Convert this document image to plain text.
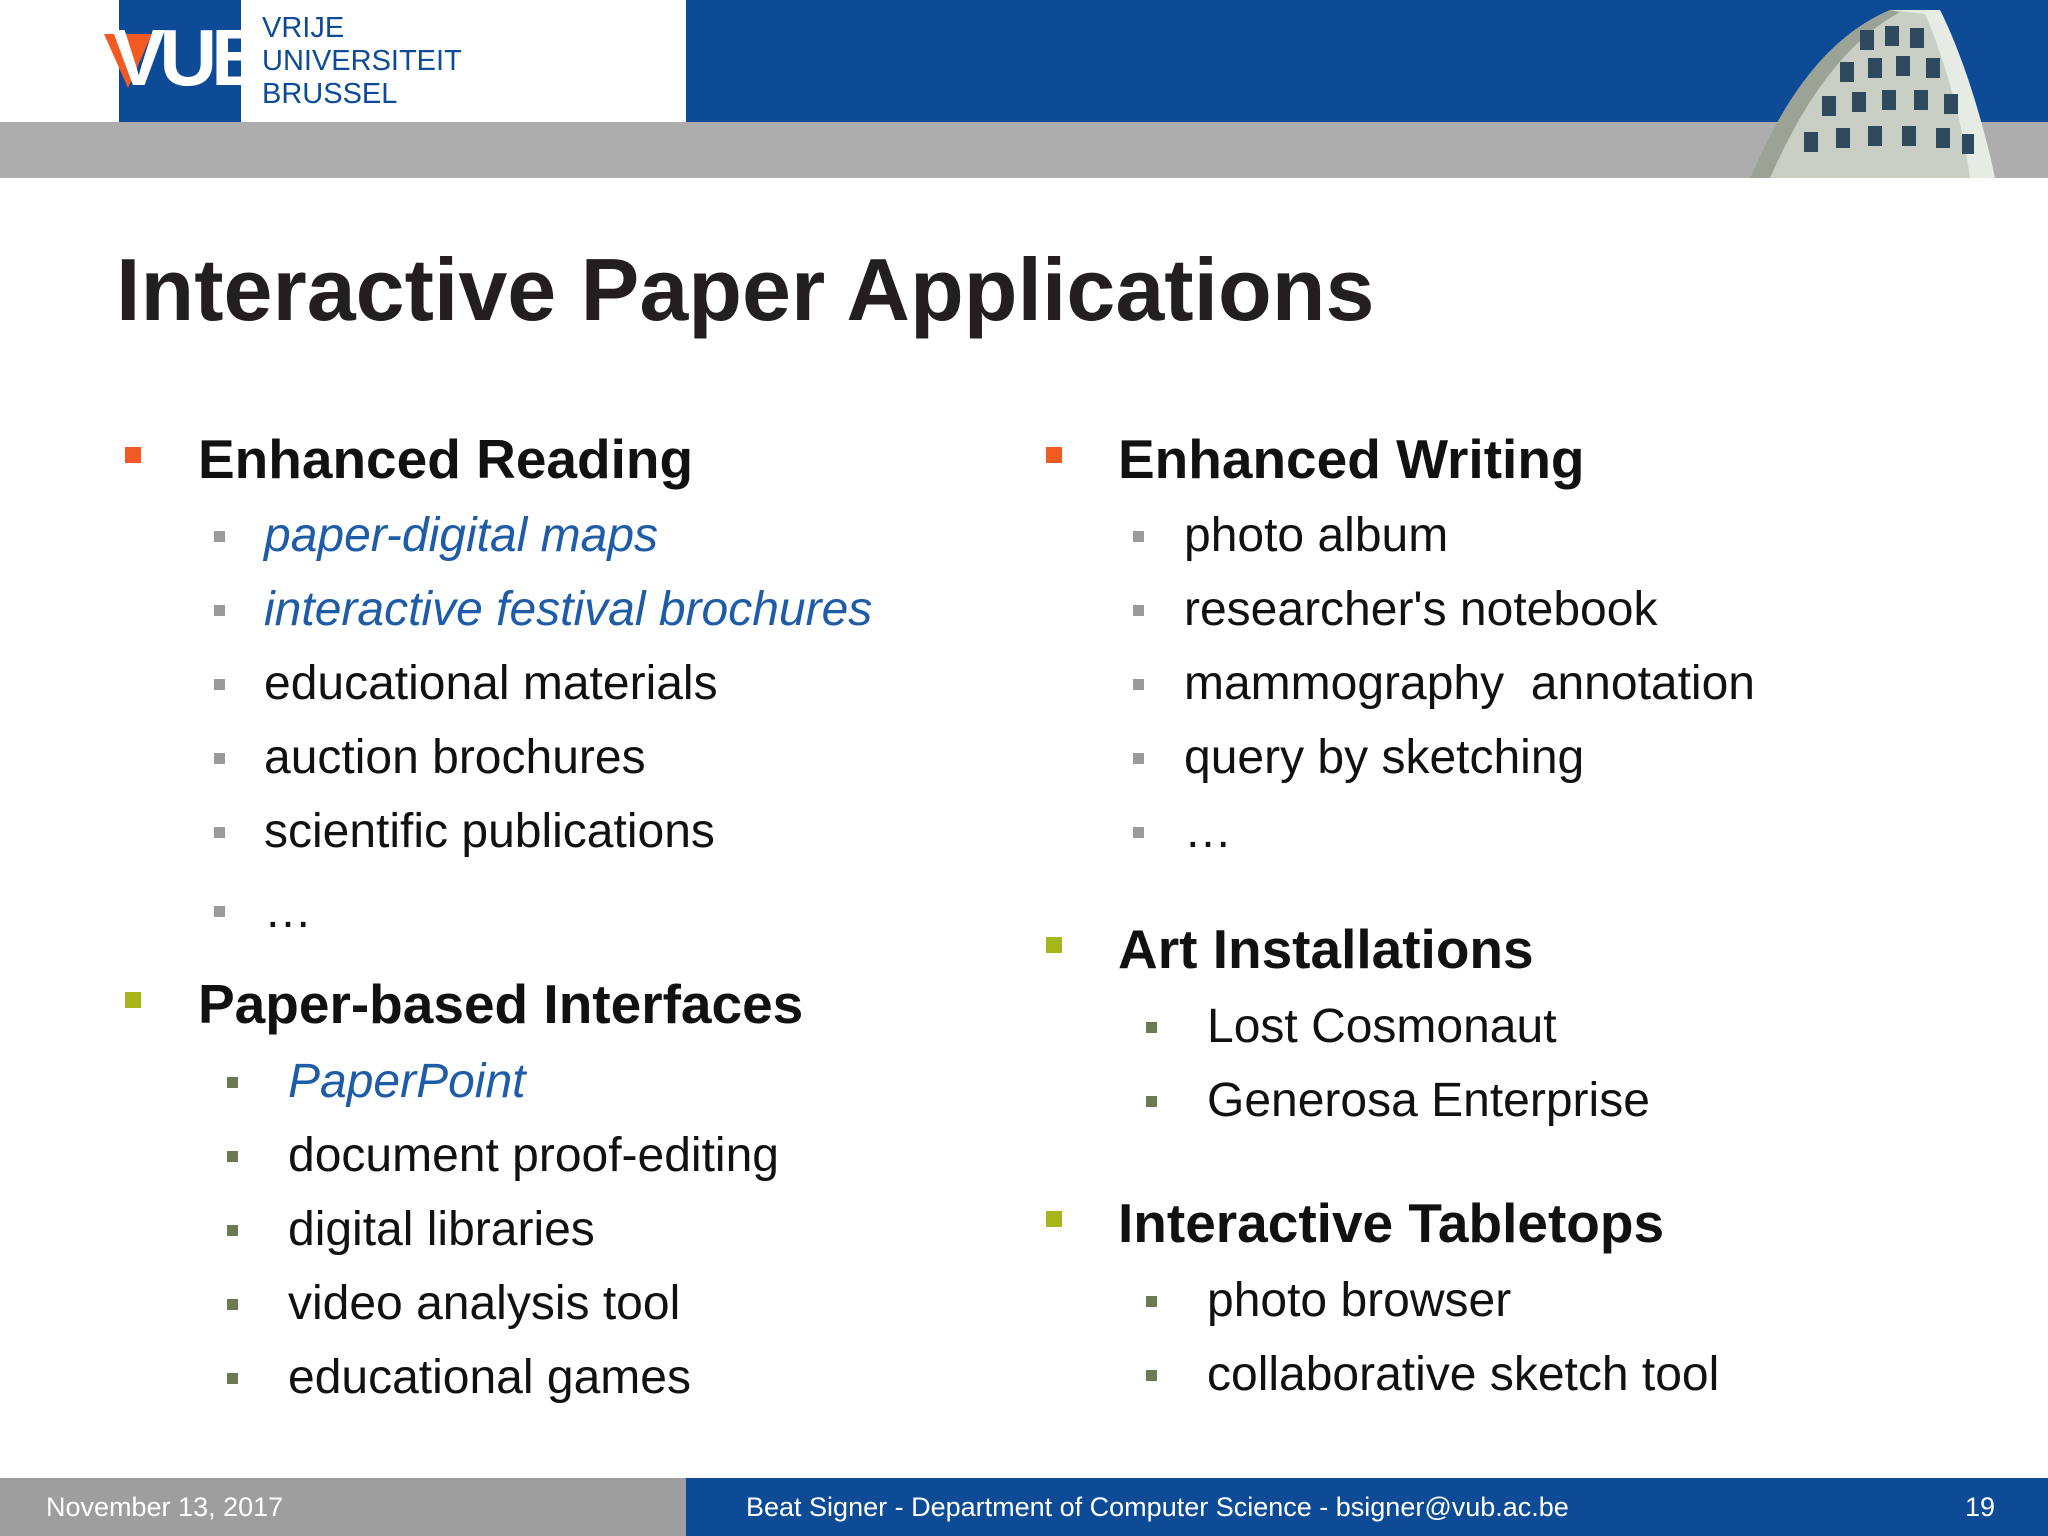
VUB VRIJE
UNIVERSITEIT
BRUSSEL
Interactive Paper Applications
Enhanced Reading
paper-digital maps
interactive festival brochures
educational materials
auction brochures
scientific publications
…
Paper-based Interfaces
PaperPoint
document proof-editing
digital libraries
video analysis tool
educational games
Enhanced Writing
photo album
researcher's notebook
mammography  annotation
query by sketching
…
Art Installations
Lost Cosmonaut
Generosa Enterprise
Interactive Tabletops
photo browser
collaborative sketch tool
November 13, 2017	Beat Signer - Department of Computer Science - bsigner@vub.ac.be	19
